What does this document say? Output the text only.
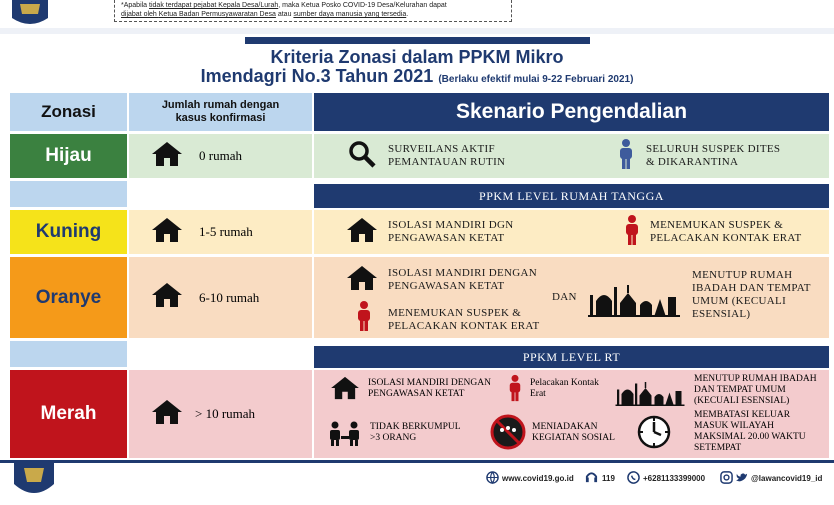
*Apabila tidak terdapat pejabat Kepala Desa/Lurah, maka Ketua Posko COVID-19 Desa/Kelurahan dapat
dijabat oleh Ketua Badan Permusyawaratan Desa atau sumber daya manusia yang tersedia.
Kriteria Zonasi dalam PPKM Mikro
Imendagri No.3 Tahun 2021 (Berlaku efektif mulai 9-22 Februari 2021)
Zonasi	Jumlah rumah dengan kasus konfirmasi	Skenario Pengendalian
Hijau	0 rumah	SURVEILANS AKTIF PEMANTAUAN RUTIN
SELURUH SUSPEK DITES & DIKARANTINA
PPKM LEVEL RUMAH TANGGA
Kuning	1-5 rumah	ISOLASI MANDIRI DGN PENGAWASAN KETAT
MENEMUKAN SUSPEK & PELACAKAN KONTAK ERAT
Oranye	6-10 rumah
ISOLASI MANDIRI DENGAN PENGAWASAN KETAT
MENEMUKAN SUSPEK & PELACAKAN KONTAK ERAT
DAN
MENUTUP RUMAH IBADAH DAN TEMPAT UMUM (KECUALI ESENSIAL)
PPKM LEVEL RT
Merah	> 10 rumah
ISOLASI MANDIRI DENGAN PENGAWASAN KETAT
Pelacakan Kontak Erat
MENUTUP RUMAH IBADAH DAN TEMPAT UMUM (KECUALI ESENSIAL)
TIDAK BERKUMPUL >3 ORANG
MENIADAKAN KEGIATAN SOSIAL
MEMBATASI KELUAR MASUK WILAYAH MAKSIMAL 20.00 WAKTU SETEMPAT
www.covid19.go.id	119	+6281133399000	@lawancovid19_id
